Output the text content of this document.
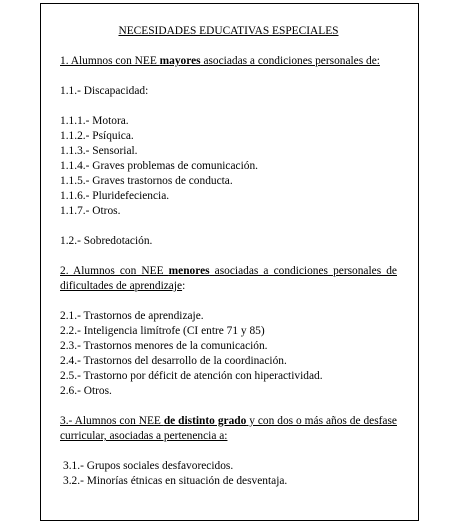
NECESIDADES EDUCATIVAS ESPECIALES

1. Alumnos con NEE mayores asociadas a condiciones personales de:

1.1.- Discapacidad:

1.1.1.- Motora.

1.1.2.- Psíquica.

1.1.3.- Sensorial.

1.1.4.- Graves problemas de comunicación.

1.1.5.- Graves trastornos de conducta.

1.1.6.- Pluridefeciencia.

1.1.7.- Otros.

1.2.- Sobredotación.

2. Alumnos con NEE menores asociadas a condiciones personales de dificultades de aprendizaje:

2.1.- Trastornos de aprendizaje.

2.2.- Inteligencia limítrofe (CI entre 71 y 85)

2.3.- Trastornos menores de la comunicación.

2.4.- Trastornos del desarrollo de la coordinación.

2.5.- Trastorno por déficit de atención con hiperactividad.

2.6.- Otros.

3.- Alumnos con NEE de distinto grado y con dos o más años de desfase curricular, asociadas a pertenencia a:

3.1.- Grupos sociales desfavorecidos.

3.2.- Minorías étnicas en situación de desventaja.
